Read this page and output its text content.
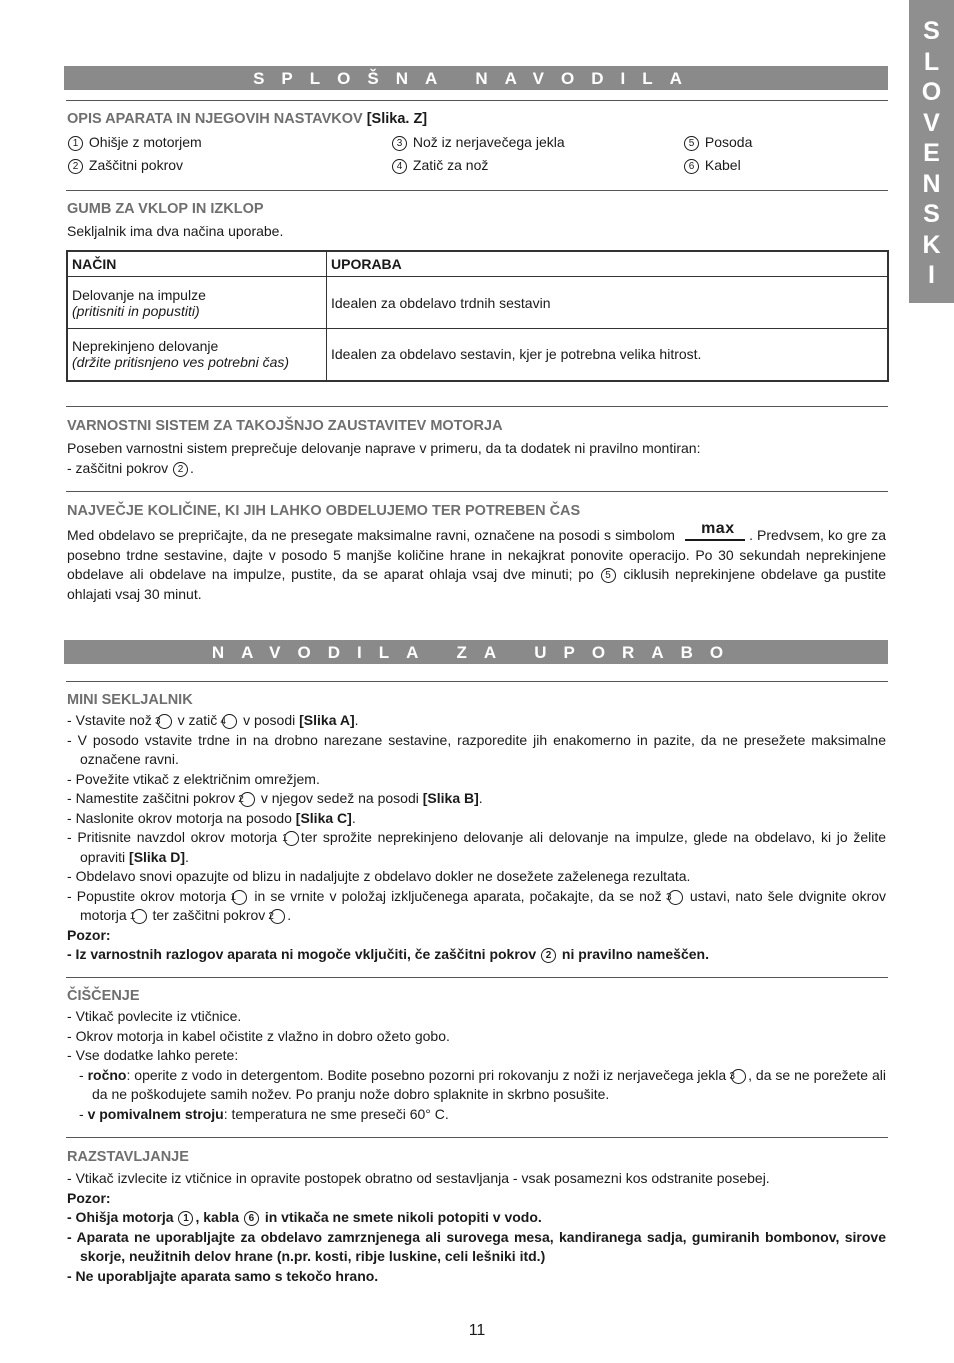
S
L
O
V
E
N
S
K
I
SPLOŠNA NAVODILA
OPIS APARATA IN NJEGOVIH NASTAVKOV [Slika. Z]
1 Ohišje z motorjem
2 Zaščitni pokrov
3 Nož iz nerjavečega jekla
4 Zatič za nož
5 Posoda
6 Kabel
GUMB ZA VKLOP IN IZKLOP
Sekljalnik ima dva načina uporabe.
NAČIN	UPORABA

Delovanje na impulze
(pritisniti in popustiti)	Idealen za obdelavo trdnih sestavin

Neprekinjeno delovanje
(držite pritisnjeno ves potrebni čas)	Idealen za obdelavo sestavin, kjer je potrebna velika hitrost.
VARNOSTNI SISTEM ZA TAKOJŠNJO ZAUSTAVITEV MOTORJA
Poseben varnostni sistem preprečuje delovanje naprave v primeru, da ta dodatek ni pravilno montiran:
- zaščitni pokrov 2 .
NAJVEČJE KOLIČINE, KI JIH LAHKO OBDELUJEMO TER POTREBEN ČAS
Med obdelavo se prepričajte, da ne presegate maksimalne ravni, označene na posodi s simbolom max . Predvsem, ko gre za posebno trdne sestavine, dajte v posodo 5 manjše količine hrane in nekajkrat ponovite operacijo. Po 30 sekundah neprekinjene obdelave ali obdelave na impulze, pustite, da se aparat ohlaja vsaj dve minuti; po 5 ciklusih neprekinjene obdelave ga pustite ohlajati vsaj 30 minut.
NAVODILA ZA UPORABO
MINI SEKLJALNIK
- Vstavite nož 3 v zatič 4 v posodi [Slika A].
- V posodo vstavite trdne in na drobno narezane sestavine, razporedite jih enakomerno in pazite, da ne presežete maksimalne označene ravni.
- Povežite vtikač z električnim omrežjem.
- Namestite zaščitni pokrov 2 v njegov sedež na posodi [Slika B].
- Naslonite okrov motorja na posodo [Slika C].
- Pritisnite navzdol okrov motorja 1 ter sprožite neprekinjeno delovanje ali delovanje na impulze, glede na obdelavo, ki jo želite opraviti [Slika D].
- Obdelavo snovi opazujte od blizu in nadaljujte z obdelavo dokler ne dosežete zaželenega rezultata.
- Popustite okrov motorja 1 in se vrnite v položaj izključenega aparata, počakajte, da se nož 3 ustavi, nato šele dvignite okrov motorja 1 ter zaščitni pokrov 2 .
Pozor:
- Iz varnostnih razlogov aparata ni mogoče vključiti, če zaščitni pokrov 2 ni pravilno nameščen.
ČIŠČENJE
- Vtikač povlecite iz vtičnice.
- Okrov motorja in kabel očistite z vlažno in dobro ožeto gobo.
- Vse dodatke lahko perete:
- ročno: operite z vodo in detergentom. Bodite posebno pozorni pri rokovanju z noži iz nerjavečega jekla 3 , da se ne porežete ali da ne poškodujete samih nožev. Po pranju nože dobro splaknite in skrbno posušite.
- v pomivalnem stroju: temperatura ne sme preseči 60° C.
RAZSTAVLJANJE
- Vtikač izvlecite iz vtičnice in opravite postopek obratno od sestavljanja - vsak posamezni kos odstranite posebej.
Pozor:
- Ohišja motorja 1 , kabla 6 in vtikača ne smete nikoli potopiti v vodo.
- Aparata ne uporabljajte za obdelavo zamrznjenega ali surovega mesa, kandiranega sadja, gumiranih bombonov, sirove skorje, neužitnih delov hrane (n.pr. kosti, ribje luskine, celi lešniki itd.)
- Ne uporabljajte aparata samo s tekočo hrano.
11
